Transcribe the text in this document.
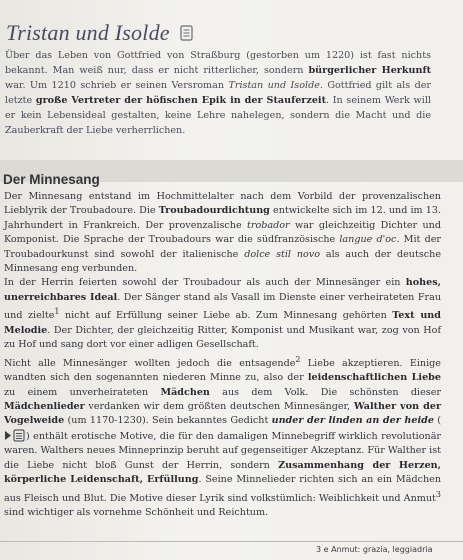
Tristan und Isolde
Über das Leben von Gottfried von Straßburg (gestorben um 1220) ist fast nichts bekannt. Man weiß nur, dass er nicht ritterlicher, sondern bürgerlicher Herkunft war. Um 1210 schrieb er seinen Versroman Tristan und Isolde. Gottfried gilt als der letzte große Vertreter der höfischen Epik in der Stauferzeit. In seinem Werk will er kein Lebensideal gestalten, keine Lehre nahelegen, sondern die Macht und die Zauberkraft der Liebe verherrlichen.
Der Minnesang

Der Minnesang entstand im Hochmittelalter nach dem Vorbild der provenzalischen Lieblyrik der Troubadoure. Die Troubadourdichtung entwickelte sich im 12. und im 13. Jahrhundert in Frankreich. Der provenzalische trobador war gleichzeitig Dichter und Komponist. Die Sprache der Troubadours war die südfranzösische langue d'oc. Mit der Troubadourkunst sind sowohl der italienische dolce stil novo als auch der deutsche Minnesang eng verbunden.

In der Herrin feierten sowohl der Troubadour als auch der Minnesänger ein hohes, unerreichbares Ideal. Der Sänger stand als Vasall im Dienste einer verheirateten Frau und zielte$^1$ nicht auf Erfüllung seiner Liebe ab. Zum Minnesang gehörten Text und Melodie. Der Dichter, der gleichzeitig Ritter, Komponist und Musikant war, zog von Hof zu Hof und sang dort vor einer adligen Gesellschaft.

Nicht alle Minnesänger wollten jedoch die entsagende$^2$ Liebe akzeptieren. Einige wandten sich den sogenannten niederen Minne zu, also der leidenschaftlichen Liebe zu einem unverheirateten Mädchen aus dem Volk. Die schönsten dieser Mädchenlieder verdanken wir dem größten deutschen Minnesänger, Walther von der Vogelweide (um 1170-1230). Sein bekanntes Gedicht under der linden an der heide ( ) enthält erotische Motive, die für den damaligen Minnebegriff wirklich revolutionär waren. Walthers neues Minneprinzip beruht auf gegenseitiger Akzeptanz. Für Walther ist die Liebe nicht bloß Gunst der Herrin, sondern Zusammenhang der Herzen, körperliche Leidenschaft, Erfüllung. Seine Minnelieder richten sich an ein Mädchen aus Fleisch und Blut. Die Motive dieser Lyrik sind volkstümlich: Weiblichkeit und Anmut$^3$ sind wichtiger als vornehme Schönheit und Reichtum.

3 e Anmut: grazia, leggiadria
